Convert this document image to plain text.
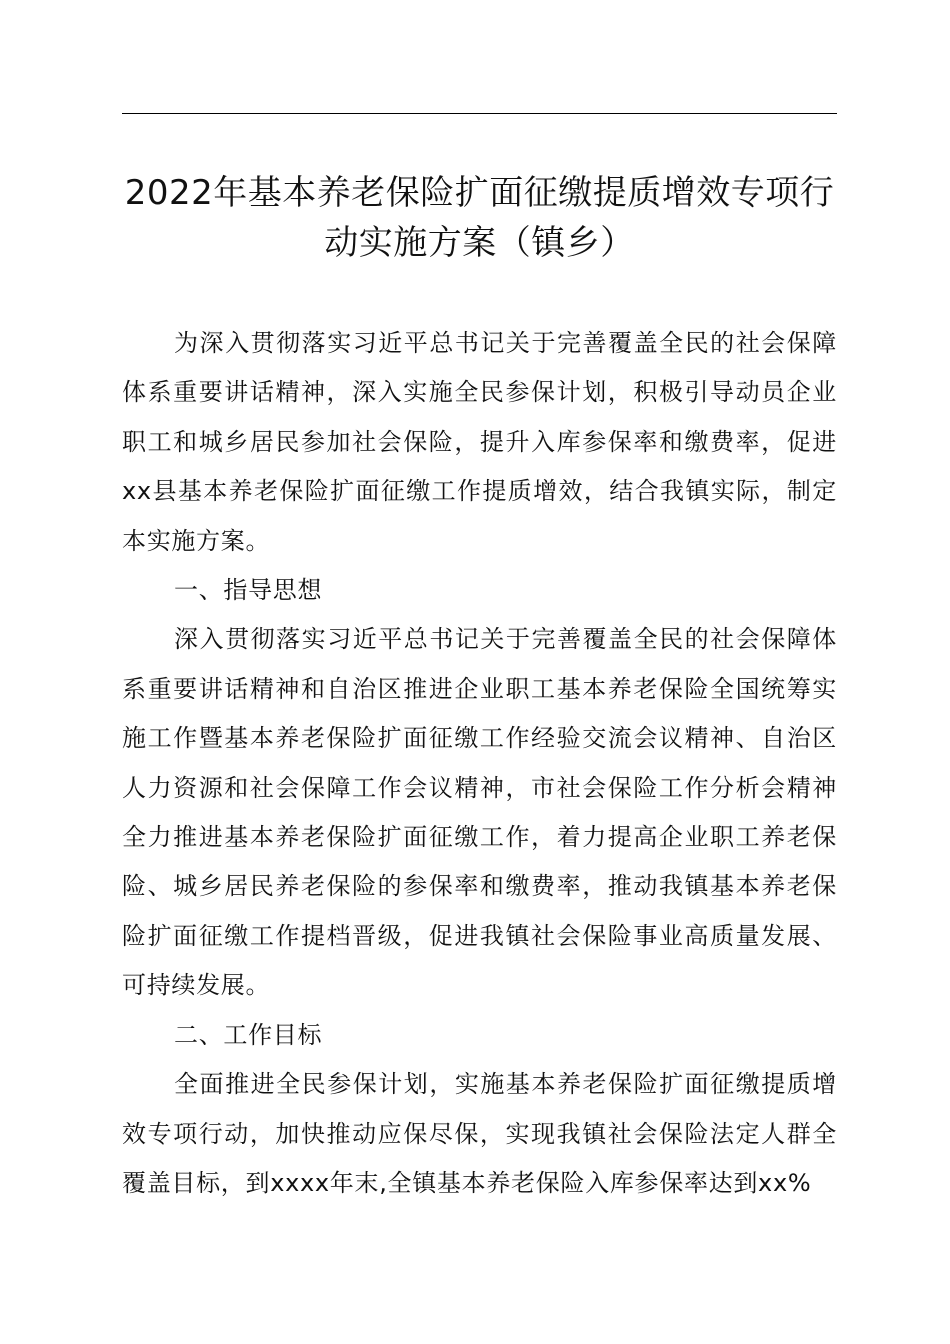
2022年基本养老保险扩面征缴提质增效专项行
动实施方案（镇乡）

为深入贯彻落实习近平总书记关于完善覆盖全民的社会保障体系重要讲话精神，深入实施全民参保计划，积极引导动员企业职工和城乡居民参加社会保险，提升入库参保率和缴费率，促进xx县基本养老保险扩面征缴工作提质增效，结合我镇实际，制定本实施方案。

一、指导思想

深入贯彻落实习近平总书记关于完善覆盖全民的社会保障体系重要讲话精神和自治区推进企业职工基本养老保险全国统筹实施工作暨基本养老保险扩面征缴工作经验交流会议精神、自治区人力资源和社会保障工作会议精神，市社会保险工作分析会精神全力推进基本养老保险扩面征缴工作，着力提高企业职工养老保险、城乡居民养老保险的参保率和缴费率，推动我镇基本养老保险扩面征缴工作提档晋级，促进我镇社会保险事业高质量发展、可持续发展。

二、工作目标

全面推进全民参保计划，实施基本养老保险扩面征缴提质增效专项行动，加快推动应保尽保，实现我镇社会保险法定人群全覆盖目标，到xxxx年末,全镇基本养老保险入库参保率达到xx%
